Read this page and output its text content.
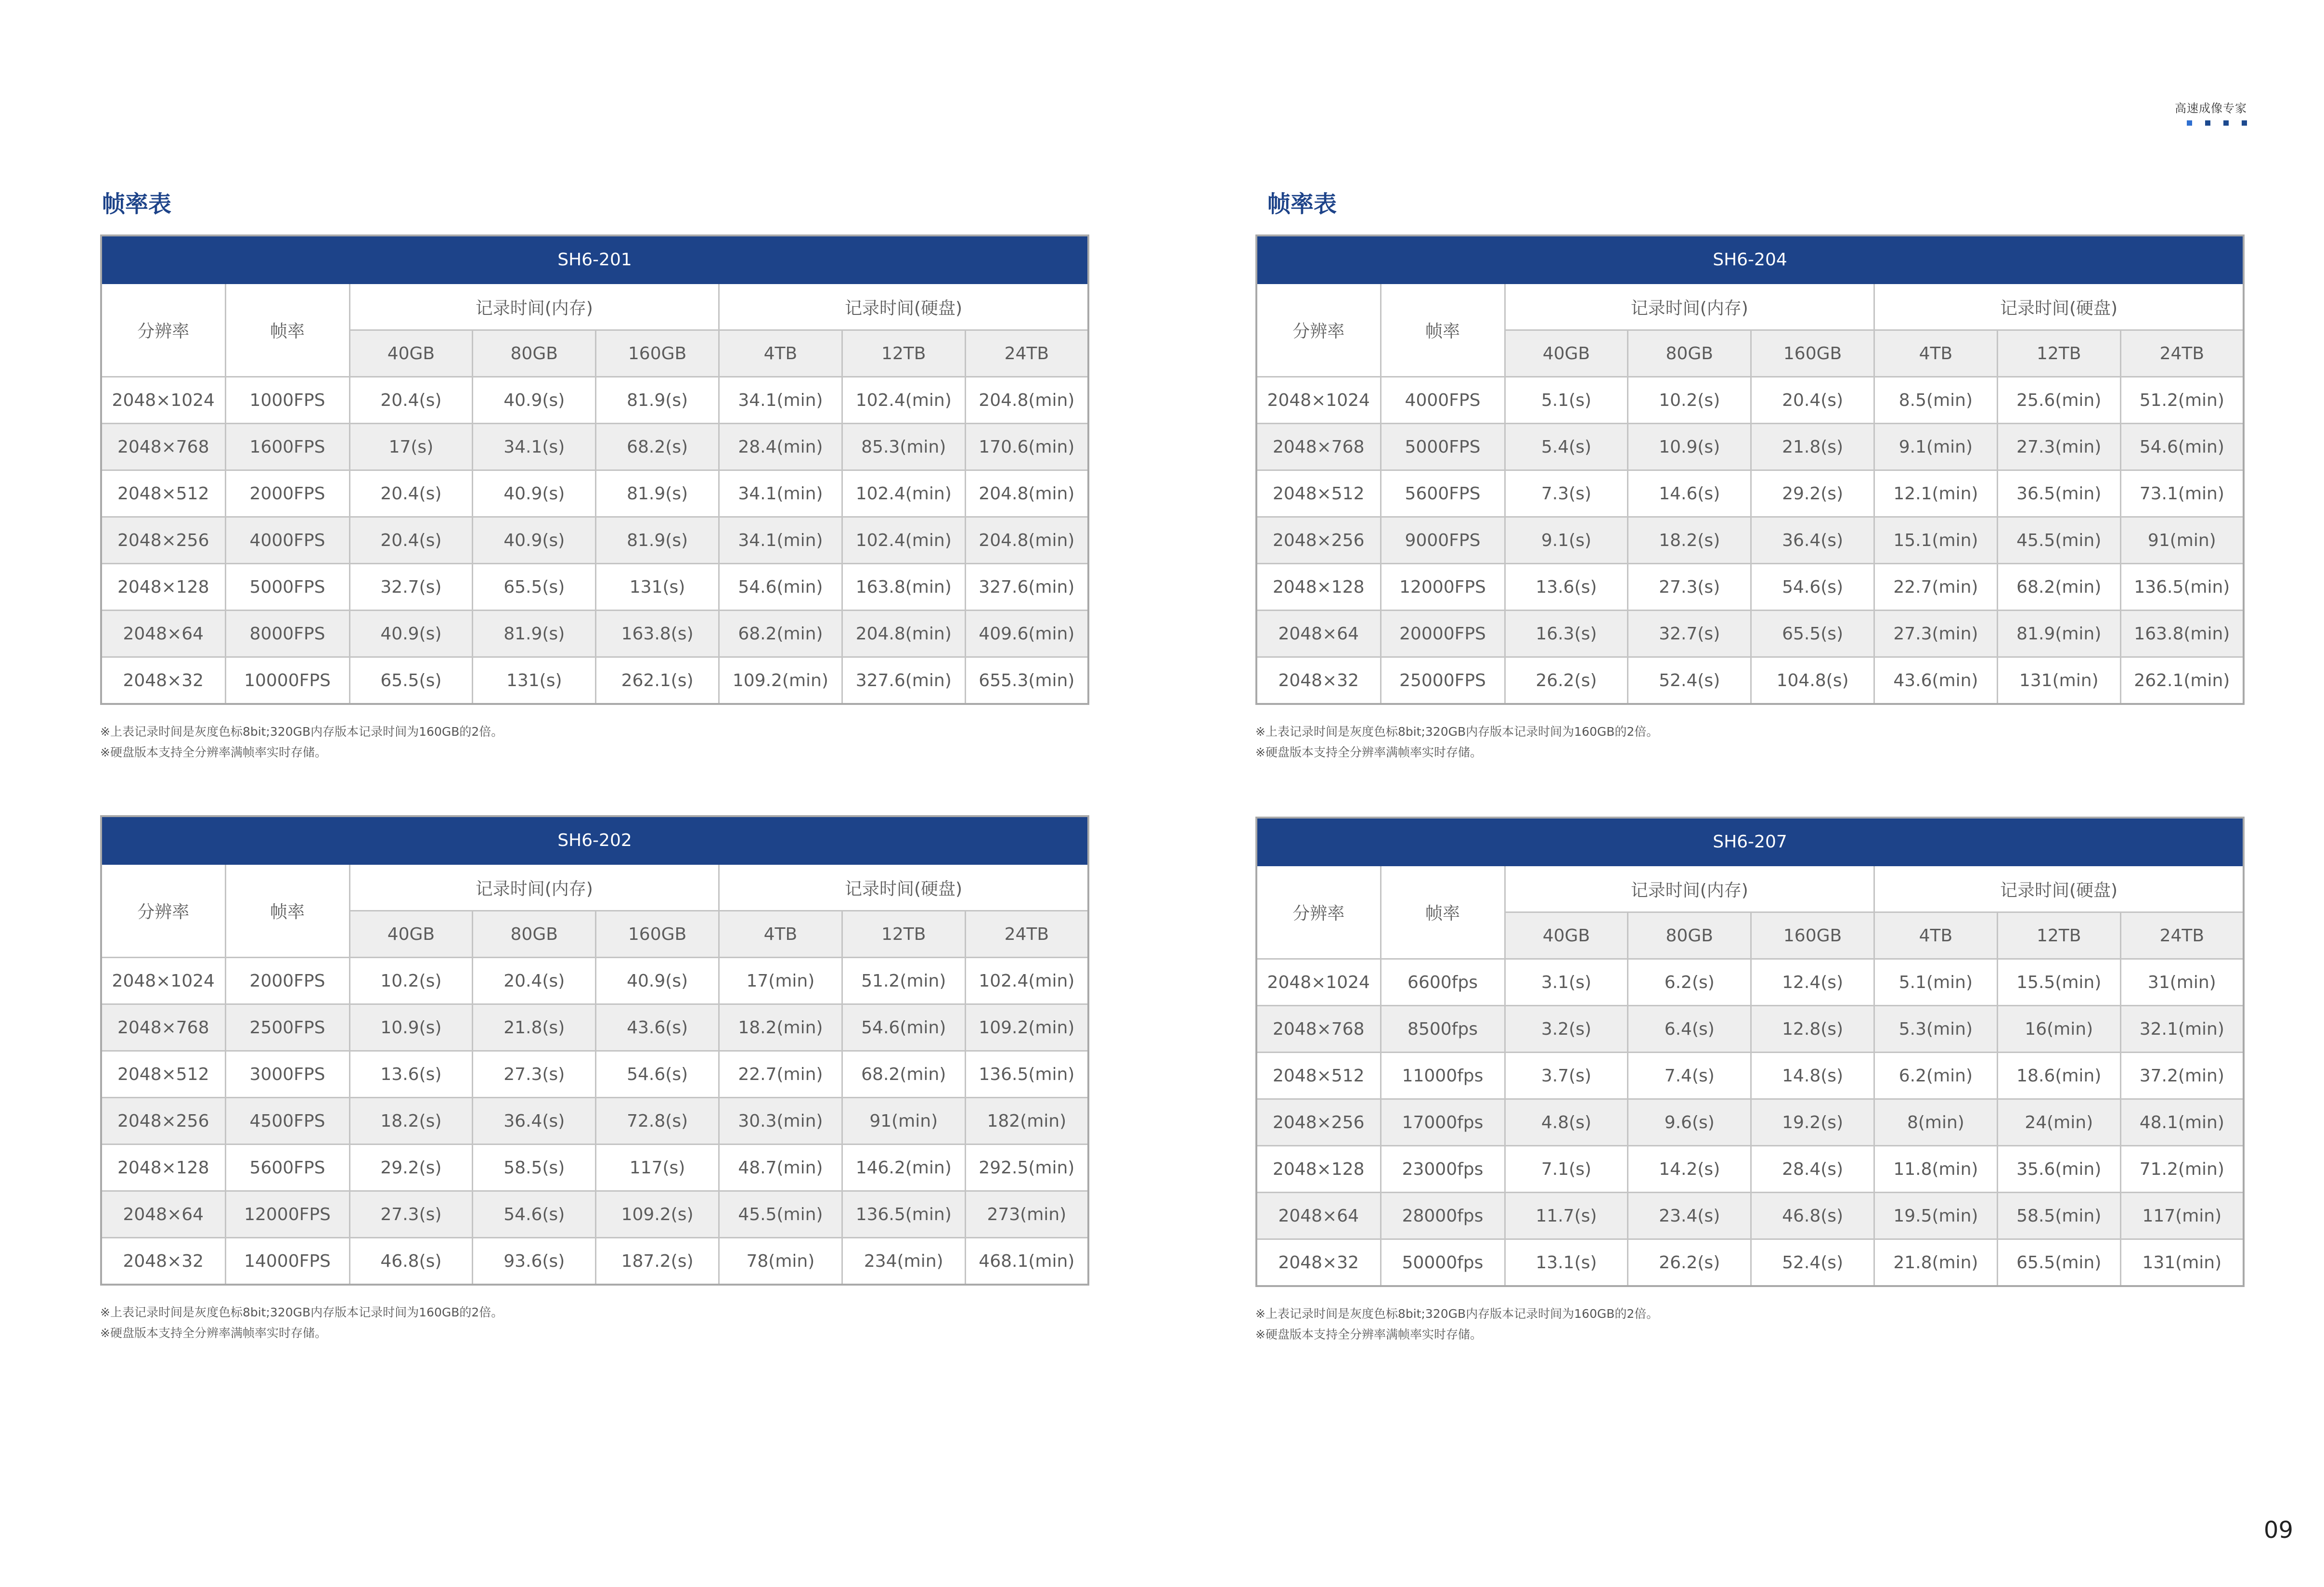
高速成像专家
帧率表	帧率表
SH6-201							
分辨率	帧率	记录时间(内存)			记录时间(硬盘)		
		40GB	80GB	160GB	4TB	12TB	24TB
2048×1024	1000FPS	20.4(s)	40.9(s)	81.9(s)	34.1(min)	102.4(min)	204.8(min)
2048×768	1600FPS	17(s)	34.1(s)	68.2(s)	28.4(min)	85.3(min)	170.6(min)
2048×512	2000FPS	20.4(s)	40.9(s)	81.9(s)	34.1(min)	102.4(min)	204.8(min)
2048×256	4000FPS	20.4(s)	40.9(s)	81.9(s)	34.1(min)	102.4(min)	204.8(min)
2048×128	5000FPS	32.7(s)	65.5(s)	131(s)	54.6(min)	163.8(min)	327.6(min)
2048×64	8000FPS	40.9(s)	81.9(s)	163.8(s)	68.2(min)	204.8(min)	409.6(min)
2048×32	10000FPS	65.5(s)	131(s)	262.1(s)	109.2(min)	327.6(min)	655.3(min)
※上表记录时间是灰度色标8bit;320GB内存版本记录时间为160GB的2倍。
※硬盘版本支持全分辨率满帧率实时存储。
SH6-204							
分辨率	帧率	记录时间(内存)			记录时间(硬盘)		
		40GB	80GB	160GB	4TB	12TB	24TB
2048×1024	4000FPS	5.1(s)	10.2(s)	20.4(s)	8.5(min)	25.6(min)	51.2(min)
2048×768	5000FPS	5.4(s)	10.9(s)	21.8(s)	9.1(min)	27.3(min)	54.6(min)
2048×512	5600FPS	7.3(s)	14.6(s)	29.2(s)	12.1(min)	36.5(min)	73.1(min)
2048×256	9000FPS	9.1(s)	18.2(s)	36.4(s)	15.1(min)	45.5(min)	91(min)
2048×128	12000FPS	13.6(s)	27.3(s)	54.6(s)	22.7(min)	68.2(min)	136.5(min)
2048×64	20000FPS	16.3(s)	32.7(s)	65.5(s)	27.3(min)	81.9(min)	163.8(min)
2048×32	25000FPS	26.2(s)	52.4(s)	104.8(s)	43.6(min)	131(min)	262.1(min)
※上表记录时间是灰度色标8bit;320GB内存版本记录时间为160GB的2倍。
※硬盘版本支持全分辨率满帧率实时存储。
SH6-202							
分辨率	帧率	记录时间(内存)			记录时间(硬盘)		
		40GB	80GB	160GB	4TB	12TB	24TB
2048×1024	2000FPS	10.2(s)	20.4(s)	40.9(s)	17(min)	51.2(min)	102.4(min)
2048×768	2500FPS	10.9(s)	21.8(s)	43.6(s)	18.2(min)	54.6(min)	109.2(min)
2048×512	3000FPS	13.6(s)	27.3(s)	54.6(s)	22.7(min)	68.2(min)	136.5(min)
2048×256	4500FPS	18.2(s)	36.4(s)	72.8(s)	30.3(min)	91(min)	182(min)
2048×128	5600FPS	29.2(s)	58.5(s)	117(s)	48.7(min)	146.2(min)	292.5(min)
2048×64	12000FPS	27.3(s)	54.6(s)	109.2(s)	45.5(min)	136.5(min)	273(min)
2048×32	14000FPS	46.8(s)	93.6(s)	187.2(s)	78(min)	234(min)	468.1(min)
※上表记录时间是灰度色标8bit;320GB内存版本记录时间为160GB的2倍。
※硬盘版本支持全分辨率满帧率实时存储。
SH6-207							
分辨率	帧率	记录时间(内存)			记录时间(硬盘)		
		40GB	80GB	160GB	4TB	12TB	24TB
2048×1024	6600fps	3.1(s)	6.2(s)	12.4(s)	5.1(min)	15.5(min)	31(min)
2048×768	8500fps	3.2(s)	6.4(s)	12.8(s)	5.3(min)	16(min)	32.1(min)
2048×512	11000fps	3.7(s)	7.4(s)	14.8(s)	6.2(min)	18.6(min)	37.2(min)
2048×256	17000fps	4.8(s)	9.6(s)	19.2(s)	8(min)	24(min)	48.1(min)
2048×128	23000fps	7.1(s)	14.2(s)	28.4(s)	11.8(min)	35.6(min)	71.2(min)
2048×64	28000fps	11.7(s)	23.4(s)	46.8(s)	19.5(min)	58.5(min)	117(min)
2048×32	50000fps	13.1(s)	26.2(s)	52.4(s)	21.8(min)	65.5(min)	131(min)
※上表记录时间是灰度色标8bit;320GB内存版本记录时间为160GB的2倍。
※硬盘版本支持全分辨率满帧率实时存储。
09
